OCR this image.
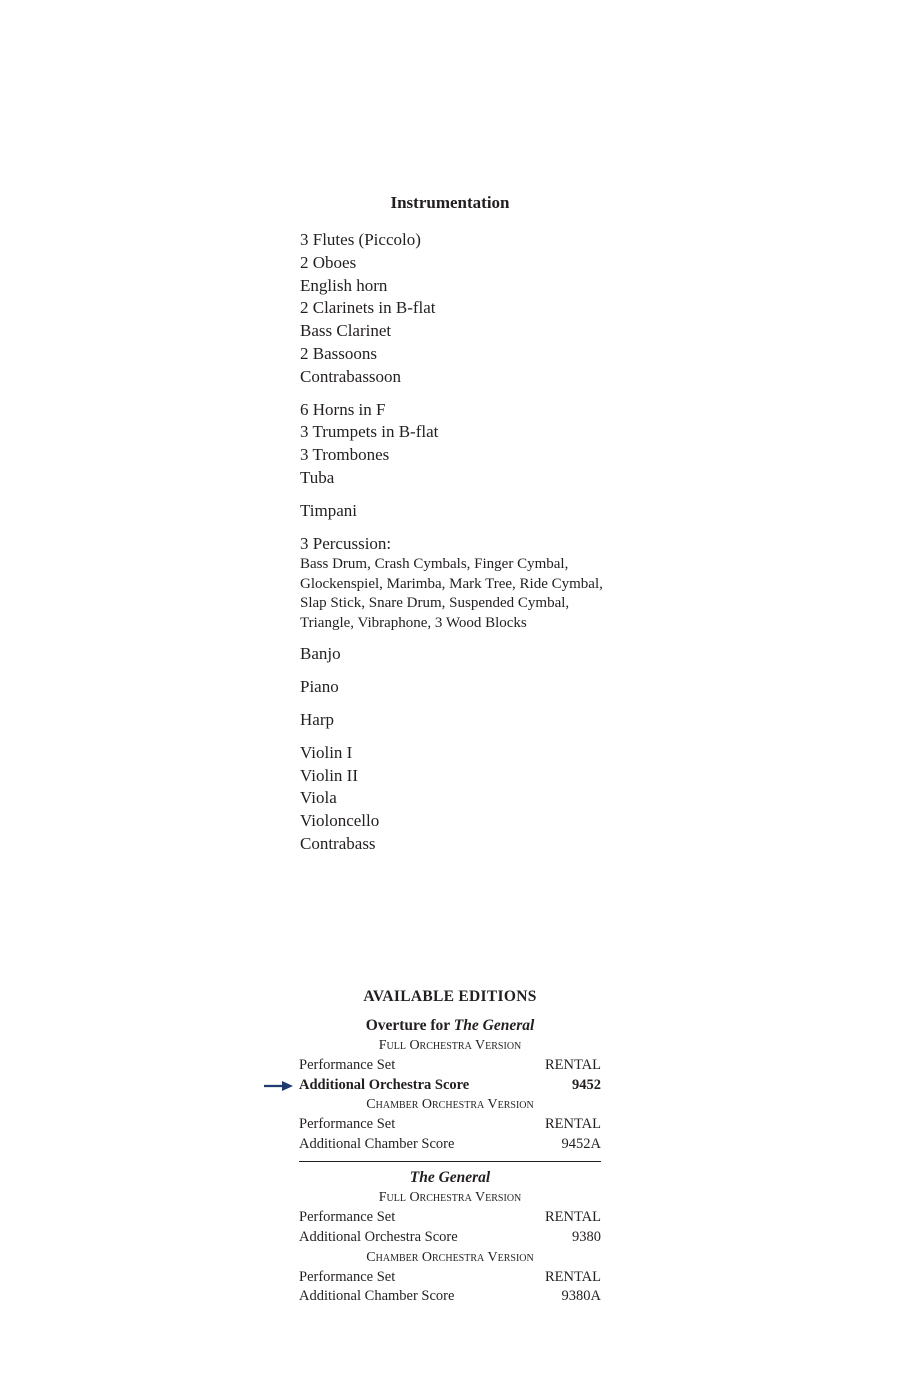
Instrumentation
3 Flutes (Piccolo)
2 Oboes
English horn
2 Clarinets in B-flat
Bass Clarinet
2 Bassoons
Contrabassoon
6 Horns in F
3 Trumpets in B-flat
3 Trombones
Tuba
Timpani
3 Percussion:
Bass Drum, Crash Cymbals, Finger Cymbal,
Glockenspiel, Marimba, Mark Tree, Ride Cymbal,
Slap Stick, Snare Drum, Suspended Cymbal,
Triangle, Vibraphone, 3 Wood Blocks
Banjo
Piano
Harp
Violin I
Violin II
Viola
Violoncello
Contrabass
AVAILABLE EDITIONS
Overture for The General
Full Orchestra Version
Performance Set	RENTAL
Additional Orchestra Score	9452
Chamber Orchestra Version
Performance Set	RENTAL
Additional Chamber Score	9452A
The General
Full Orchestra Version
Performance Set	RENTAL
Additional Orchestra Score	9380
Chamber Orchestra Version
Performance Set	RENTAL
Additional Chamber Score	9380A
